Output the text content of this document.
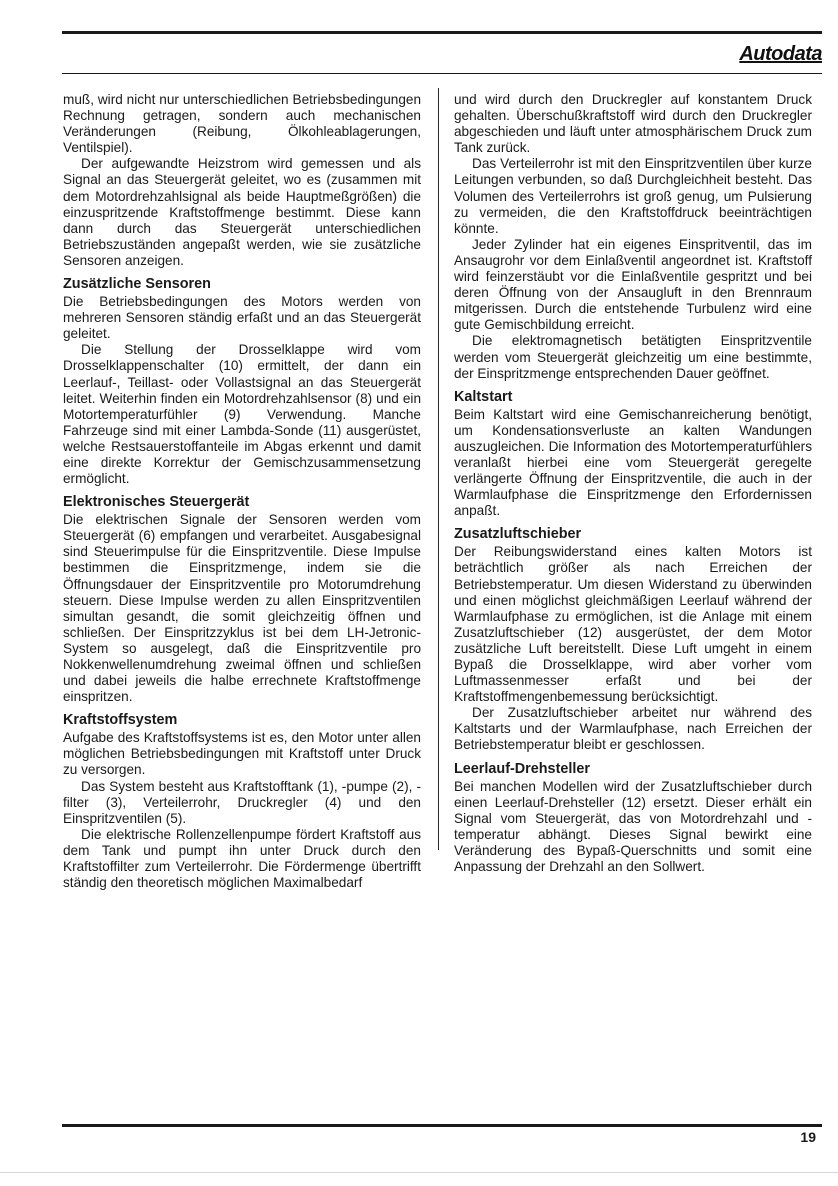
Autodata

muß, wird nicht nur unterschiedlichen Betriebsbedingungen Rechnung getragen, sondern auch mechanischen Veränderungen (Reibung, Ölkohleablagerungen, Ventilspiel).

Der aufgewandte Heizstrom wird gemessen und als Signal an das Steuergerät geleitet, wo es (zusammen mit dem Motordrehzahlsignal als beide Hauptmeßgrößen) die einzuspritzende Kraftstoffmenge bestimmt. Diese kann dann durch das Steuergerät unterschiedlichen Betriebszuständen angepaßt werden, wie sie zusätzliche Sensoren anzeigen.

Zusätzliche Sensoren

Die Betriebsbedingungen des Motors werden von mehreren Sensoren ständig erfaßt und an das Steuergerät geleitet.

Die Stellung der Drosselklappe wird vom Drosselklappenschalter (10) ermittelt, der dann ein Leerlauf-, Teillast- oder Vollastsignal an das Steuergerät leitet. Weiterhin finden ein Motordrehzahlsensor (8) und ein Motortemperaturfühler (9) Verwendung. Manche Fahrzeuge sind mit einer Lambda-Sonde (11) ausgerüstet, welche Restsauerstoffanteile im Abgas erkennt und damit eine direkte Korrektur der Gemischzusammensetzung ermöglicht.

Elektronisches Steuergerät

Die elektrischen Signale der Sensoren werden vom Steuergerät (6) empfangen und verarbeitet. Ausgabesignal sind Steuerimpulse für die Einspritzventile. Diese Impulse bestimmen die Einspritzmenge, indem sie die Öffnungsdauer der Einspritzventile pro Motorumdrehung steuern. Diese Impulse werden zu allen Einspritzventilen simultan gesandt, die somit gleichzeitig öffnen und schließen. Der Einspritzzyklus ist bei dem LH-Jetronic-System so ausgelegt, daß die Einspritzventile pro Nokkenwellenumdrehung zweimal öffnen und schließen und dabei jeweils die halbe errechnete Kraftstoffmenge einspritzen.

Kraftstoffsystem

Aufgabe des Kraftstoffsystems ist es, den Motor unter allen möglichen Betriebsbedingungen mit Kraftstoff unter Druck zu versorgen.

Das System besteht aus Kraftstofftank (1), -pumpe (2), -filter (3), Verteilerrohr, Druckregler (4) und den Einspritzventilen (5).

Die elektrische Rollenzellenpumpe fördert Kraftstoff aus dem Tank und pumpt ihn unter Druck durch den Kraftstoffilter zum Verteilerrohr. Die Fördermenge übertrifft ständig den theoretisch möglichen Maximalbedarf

und wird durch den Druckregler auf konstantem Druck gehalten. Überschußkraftstoff wird durch den Druckregler abgeschieden und läuft unter atmosphärischem Druck zum Tank zurück.

Das Verteilerrohr ist mit den Einspritzventilen über kurze Leitungen verbunden, so daß Durchgleichheit besteht. Das Volumen des Verteilerrohrs ist groß genug, um Pulsierung zu vermeiden, die den Kraftstoffdruck beeinträchtigen könnte.

Jeder Zylinder hat ein eigenes Einspritventil, das im Ansaugrohr vor dem Einlaßventil angeordnet ist. Kraftstoff wird feinzerstäubt vor die Einlaßventile gespritzt und bei deren Öffnung von der Ansaugluft in den Brennraum mitgerissen. Durch die entstehende Turbulenz wird eine gute Gemischbildung erreicht.

Die elektromagnetisch betätigten Einspritzventile werden vom Steuergerät gleichzeitig um eine bestimmte, der Einspritzmenge entsprechenden Dauer geöffnet.

Kaltstart

Beim Kaltstart wird eine Gemischanreicherung benötigt, um Kondensationsverluste an kalten Wandungen auszugleichen. Die Information des Motortemperaturfühlers veranlaßt hierbei eine vom Steuergerät geregelte verlängerte Öffnung der Einspritzventile, die auch in der Warmlaufphase die Einspritzmenge den Erfordernissen anpaßt.

Zusatzluftschieber

Der Reibungswiderstand eines kalten Motors ist beträchtlich größer als nach Erreichen der Betriebstemperatur. Um diesen Widerstand zu überwinden und einen möglichst gleichmäßigen Leerlauf während der Warmlaufphase zu ermöglichen, ist die Anlage mit einem Zusatzluftschieber (12) ausgerüstet, der dem Motor zusätzliche Luft bereitstellt. Diese Luft umgeht in einem Bypaß die Drosselklappe, wird aber vorher vom Luftmassenmesser erfaßt und bei der Kraftstoffmengenbemessung berücksichtigt.

Der Zusatzluftschieber arbeitet nur während des Kaltstarts und der Warmlaufphase, nach Erreichen der Betriebstemperatur bleibt er geschlossen.

Leerlauf-Drehsteller

Bei manchen Modellen wird der Zusatzluftschieber durch einen Leerlauf-Drehsteller (12) ersetzt. Dieser erhält ein Signal vom Steuergerät, das von Motordrehzahl und -temperatur abhängt. Dieses Signal bewirkt eine Veränderung des Bypaß-Querschnitts und somit eine Anpassung der Drehzahl an den Sollwert.

19
